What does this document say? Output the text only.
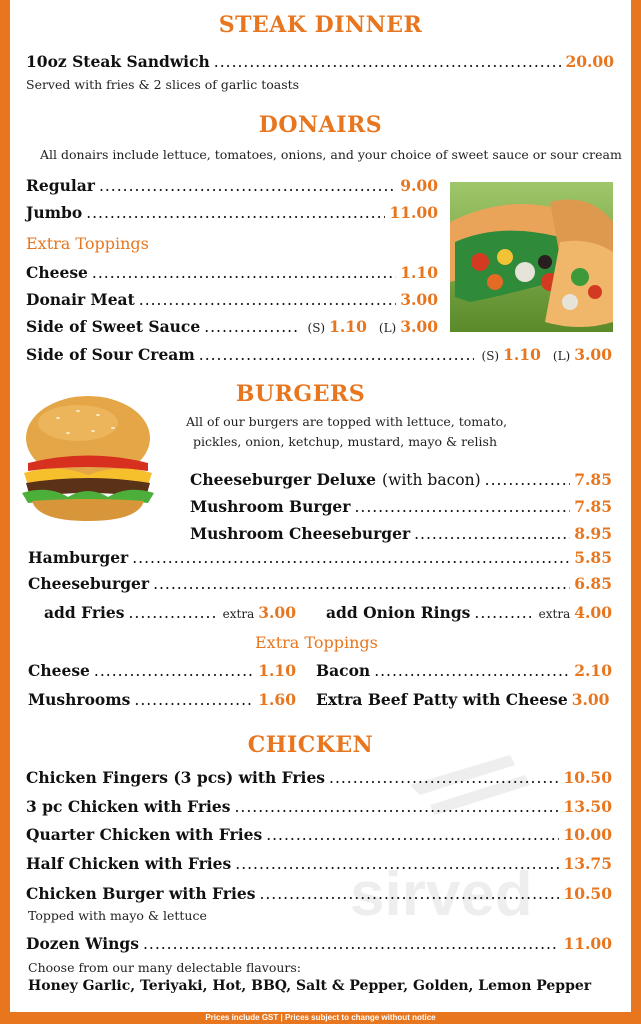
STEAK DINNER
10oz Steak Sandwich .....	20.00
Served with fries & 2 slices of garlic toasts
DONAIRS
All donairs include lettuce, tomatoes, onions, and your choice of sweet sauce or sour cream
Regular .....	9.00
Jumbo .....	11.00
Extra Toppings
Cheese .....	1.10
Donair Meat .....	3.00
Side of Sweet Sauce .....	(S) 1.10 (L) 3.00
Side of Sour Cream .....	(S) 1.10 (L) 3.00
BURGERS
All of our burgers are topped with lettuce, tomato,
pickles, onion, ketchup, mustard, mayo & relish
Cheeseburger Deluxe (with bacon) .....	7.85
Mushroom Burger .....	7.85
Mushroom Cheeseburger .....	8.95
Hamburger .....	5.85
Cheeseburger .....	6.85
add Fries .....	extra 3.00 add Onion Rings .....	extra 4.00
Extra Toppings
Cheese .....	1.10 Bacon .....	2.10
Mushrooms .....	1.60 Extra Beef Patty with Cheese 3.00
sirved
CHICKEN
Chicken Fingers (3 pcs) with Fries .....	10.50
3 pc Chicken with Fries .....	13.50
Quarter Chicken with Fries .....	10.00
Half Chicken with Fries .....	13.75
Chicken Burger with Fries .....	10.50
Topped with mayo & lettuce
Dozen Wings .....	11.00
Choose from our many delectable flavours:
Honey Garlic, Teriyaki, Hot, BBQ, Salt & Pepper, Golden, Lemon Pepper
Prices include GST | Prices subject to change without notice
